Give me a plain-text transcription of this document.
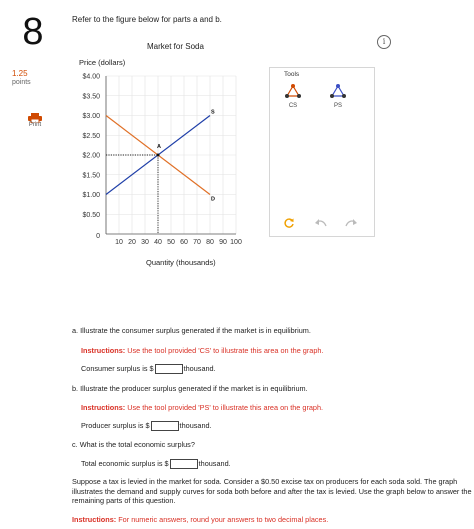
8
1.25
points
Print
Refer to the figure below for parts a and b.
i
Market for Soda
Price (dollars)
Quantity (thousands)
$4.00
$3.50
$3.00
$2.50
$2.00
$1.50
$1.00
$0.50
10 20 30 40 50 60 70 80 90 100
0
S
D
A
Tools
CS	PS
a. Illustrate the consumer surplus generated if the market is in equilibrium.
Instructions: Use the tool provided 'CS' to illustrate this area on the graph.
Consumer surplus is $	thousand.
b. Illustrate the producer surplus generated if the market is in equilibrium.
Instructions: Use the tool provided 'PS' to illustrate this area on the graph.
Producer surplus is $	thousand.
c. What is the total economic surplus?
Total economic surplus is $	thousand.
Suppose a tax is levied in the market for soda. Consider a $0.50 excise tax on producers for each soda sold. The graph illustrates the demand and supply curves for soda both before and after the tax is levied. Use the graph below to answer the remaining parts of this question.
Instructions: For numeric answers, round your answers to two decimal places.
